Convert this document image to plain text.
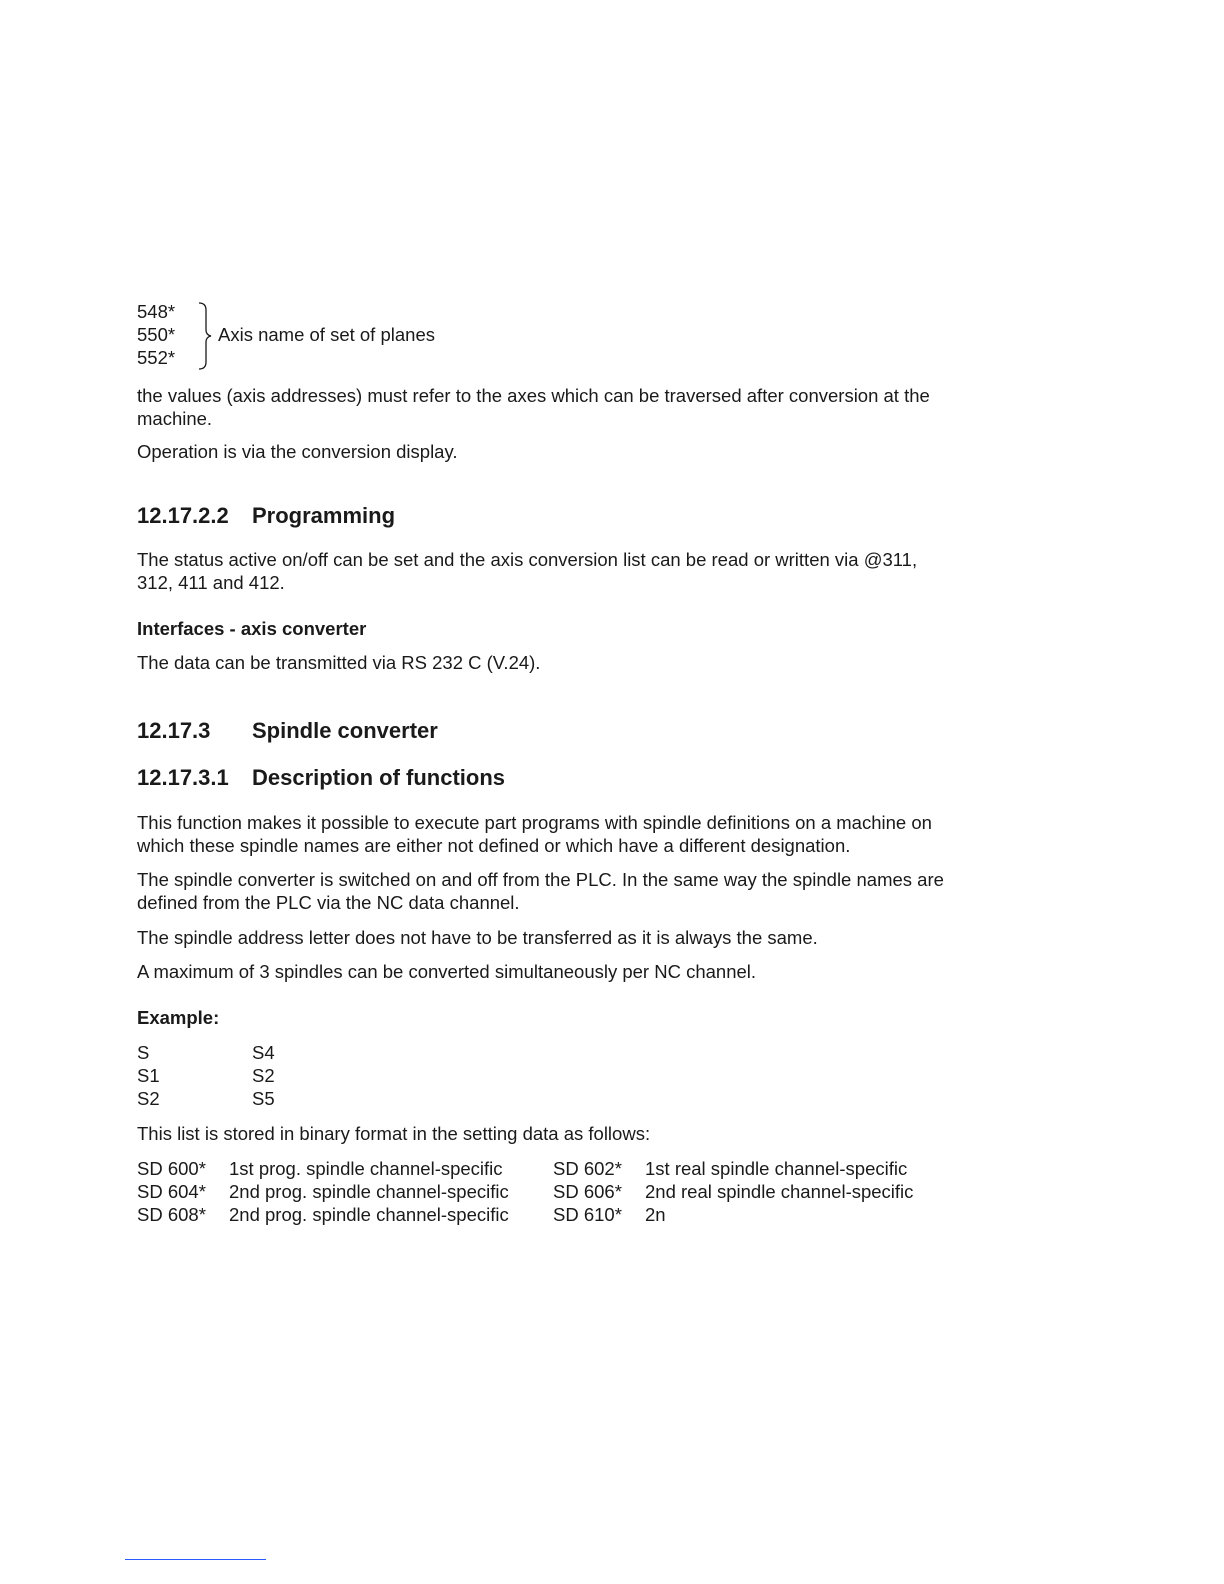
548*
550*
552*
Axis name of set of planes

the values (axis addresses) must refer to the axes which can be traversed after conversion at the machine.

Operation is via the conversion display.

12.17.2.2	Programming

The status active on/off can be set and the axis conversion list can be read or written via @311, 312, 411 and 412.

Interfaces - axis converter

The data can be transmitted via RS 232 C (V.24).

12.17.3	Spindle converter
12.17.3.1	Description of functions

This function makes it possible to execute part programs with spindle definitions on a machine on which these spindle names are either not defined or which have a different designation.

The spindle converter is switched on and off from the PLC. In the same way the spindle names are defined from the PLC via the NC data channel.

The spindle address letter does not have to be transferred as it is always the same.

A maximum of 3 spindles can be converted simultaneously per NC channel.

Example:
S	S4
S1	S2
S2	S5

This list is stored in binary format in the setting data as follows:

SD 600*	1st prog. spindle channel-specific	SD 602*	1st real spindle channel-specific
SD 604*	2nd prog. spindle channel-specific	SD 606*	2nd real spindle channel-specific
SD 608*	2nd prog. spindle channel-specific	SD 610*	2n
